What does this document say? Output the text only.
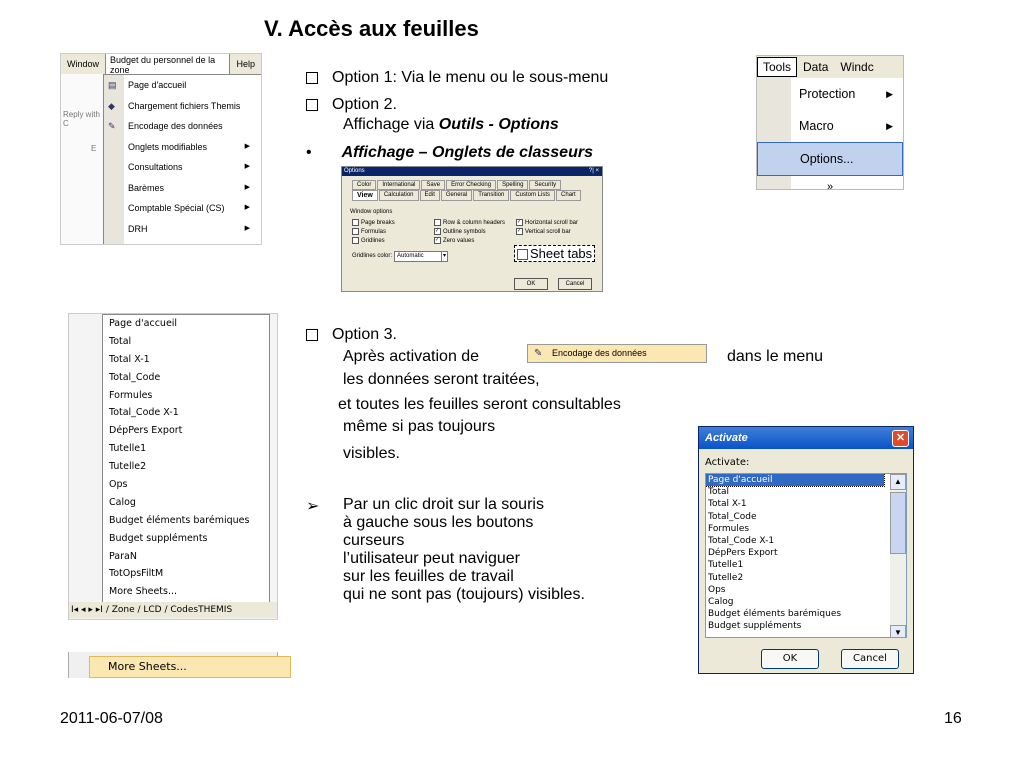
V. Accès aux feuilles
Window	Budget du personnel de la zone
Help
Reply with C
E
▤ Page d'accueil
◆ Chargement fichiers Themis
✎ Encodage des données
Onglets modifiables	▶
Consultations	▶
Barèmes	▶
Comptable Spécial (CS)	▶
DRH	▶
Option 1: Via le menu ou le sous-menu
Option 2.
Affichage via Outils - Options
• Affichage – Onglets de classeurs
Tools	Data	Windc
Protection	▶
Macro	▶
Options...
»
Options	?| ×
Color	International	Save	Error Checking	Spelling	Security
View	Calculation	Edit	General	Transition	Custom Lists	Chart
Window options
Page breaks	Row & column headers ✓ Horizontal scroll bar
Formulas	✓ Outline symbols	✓ Vertical scroll bar
Gridlines	✓ Zero values
Gridlines color: Automatic	▾	Sheet tabs
OK	Cancel
Page d'accueil
Total
Total X-1
Total_Code
Formules
Total_Code X-1
DépPers Export
Tutelle1
Tutelle2
Ops
Calog
Budget éléments barémiques
Budget suppléments
ParaN
TotOpsFiltM
More Sheets...
I◂ ◂ ▸ ▸I / Zone / LCD / CodesTHEMIS
More Sheets...
Option 3.
Après activation de	✎ Encodage des données	dans le menu
les données seront traitées,
et toutes les feuilles seront consultables
même si pas toujours
visibles.
➢ Par un clic droit sur la souris
à gauche sous les boutons
curseurs
l’utilisateur peut naviguer
sur les feuilles de travail
qui ne sont pas (toujours) visibles.
Activate	✕
Activate:
Page d'accueil
Total
Total X-1
Total_Code
Formules
Total_Code X-1
DépPers Export
Tutelle1
Tutelle2
Ops
Calog
Budget éléments barémiques
Budget suppléments
▲
▼
OK	Cancel
2011-06-07/08	16
